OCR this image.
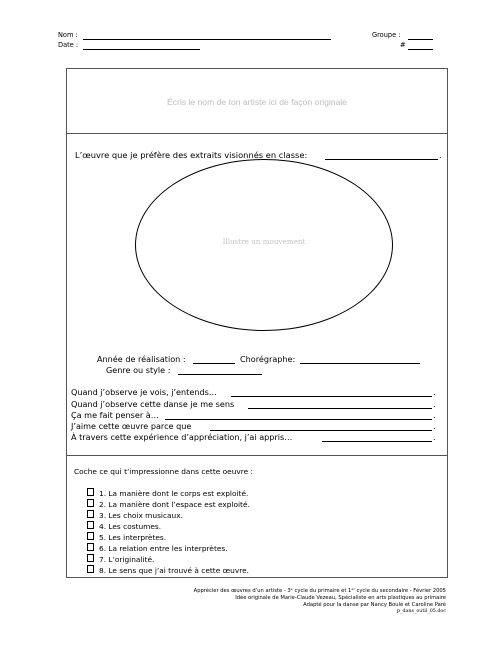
Nom :
Date :
Groupe :
#
Écris le nom de ton artiste ici de façon originale
L’œuvre que je préfère des extraits visionnés en classe:	.
Illustre un mouvement
Année de réalisation :	Chorégraphe:
Genre ou style :
Quand j’observe je vois, j’entends…	.
Quand j’observe cette danse je me sens	.
Ça me fait penser à…	.
J’aime cette œuvre parce que	.
À travers cette expérience d’appréciation, j’ai appris…	.
Coche ce qui t’impressionne dans cette oeuvre :
1. La manière dont le corps est exploité.
2. La manière dont l’espace est exploité.
3. Les choix musicaux.
4. Les costumes.
5. Les interprètes.
6. La relation entre les interprètes.
7. L’originalité.
8. Le sens que j’ai trouvé à cette œuvre.
Apprécier des œuvres d’un artiste - 3ᵉ cycle du primaire et 1ᵉʳ cycle du secondaire - Février 2005
Idée originale de Marie-Claude Vezeau, Spécialiste en arts plastiques au primaire
Adapté pour la danse par Nancy Boulé et Caroline Paré
p_dans_outil_05.doc
